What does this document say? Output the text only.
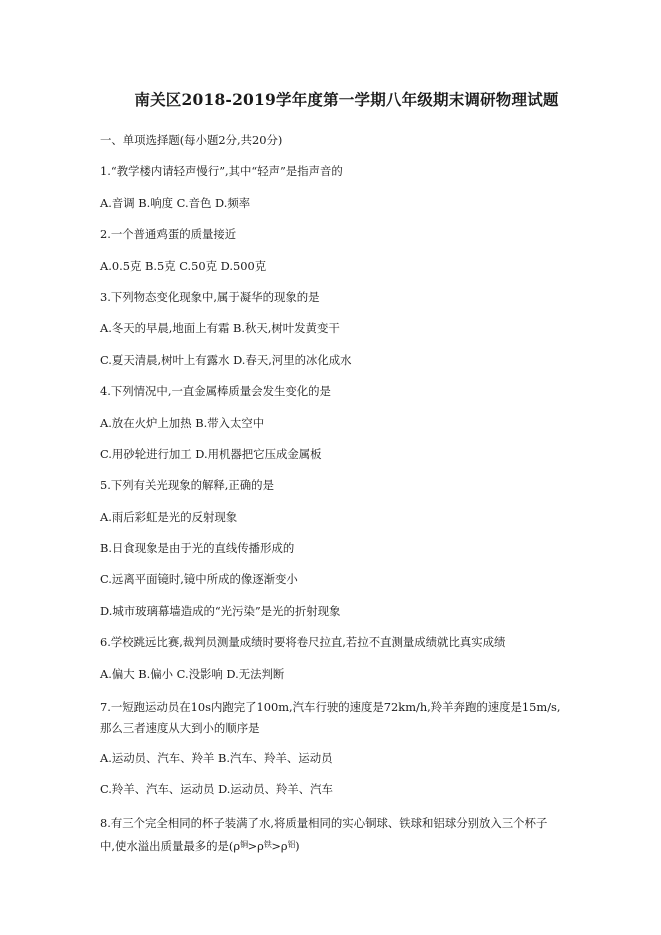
南关区2018-2019学年度第一学期八年级期末调研物理试题
一、单项选择题(每小题2分,共20分)
1.“教学楼内请轻声慢行”,其中“轻声”是指声音的
A.音调 B.响度 C.音色 D.频率
2.一个普通鸡蛋的质量接近
A.0.5克 B.5克 C.50克 D.500克
3.下列物态变化现象中,属于凝华的现象的是
A.冬天的早晨,地面上有霜 B.秋天,树叶发黄变干
C.夏天清晨,树叶上有露水 D.春天,河里的冰化成水
4.下列情况中,一直金属棒质量会发生变化的是
A.放在火炉上加热 B.带入太空中
C.用砂轮进行加工 D.用机器把它压成金属板
5.下列有关光现象的解释,正确的是
A.雨后彩虹是光的反射现象
B.日食现象是由于光的直线传播形成的
C.远离平面镜时,镜中所成的像逐渐变小
D.城市玻璃幕墙造成的“光污染”是光的折射现象
6.学校跳远比赛,裁判员测量成绩时要将卷尺拉直,若拉不直测量成绩就比真实成绩
A.偏大 B.偏小 C.没影响 D.无法判断
7.一短跑运动员在10s内跑完了100m,汽车行驶的速度是72km/h,羚羊奔跑的速度是15m/s,
那么三者速度从大到小的顺序是
A.运动员、汽车、羚羊 B.汽车、羚羊、运动员
C.羚羊、汽车、运动员 D.运动员、羚羊、汽车
8.有三个完全相同的杯子装满了水,将质量相同的实心铜球、铁球和铝球分别放入三个杯子
中,使水溢出质量最多的是$(\rho^铜>\rho^铁>\rho^铝)$
